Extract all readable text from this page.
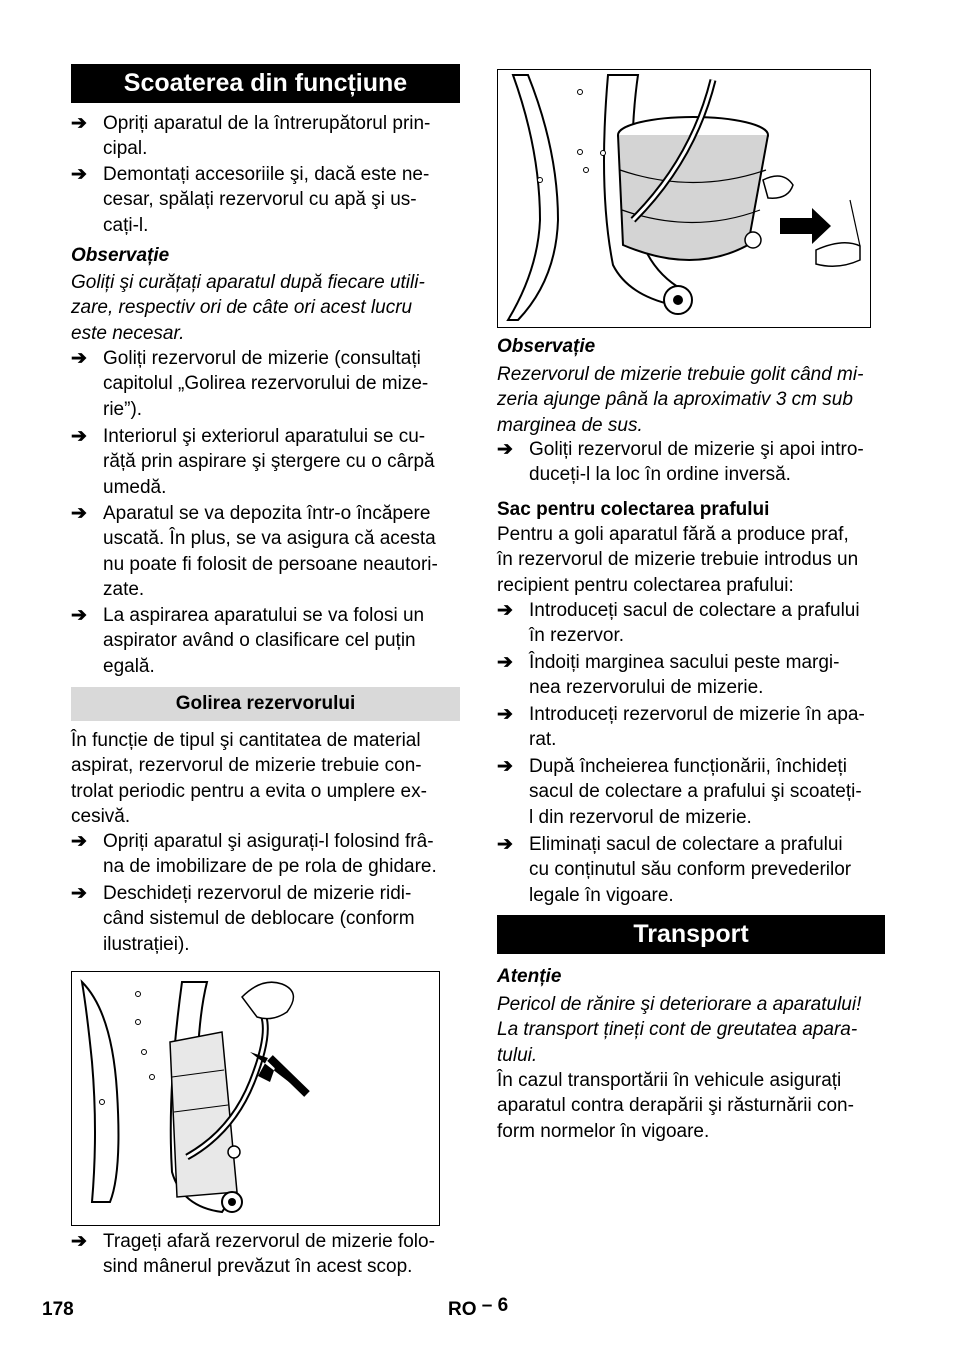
Scoaterea din funcțiune
➔ Opriți aparatul de la întrerupătorul prin-
cipal.
➔ Demontați accesoriile şi, dacă este ne-
cesar, spălați rezervorul cu apă şi us-
cați-l.
Observație
Goliți şi curățați aparatul după fiecare utili-
zare, respectiv ori de câte ori acest lucru
este necesar.
➔ Goliți rezervorul de mizerie (consultați
capitolul „Golirea rezervorului de mize-
rie”).
➔ Interiorul şi exteriorul aparatului se cu-
răță prin aspirare şi ştergere cu o cârpă
umedă.
➔ Aparatul se va depozita într-o încăpere
uscată. În plus, se va asigura că acesta
nu poate fi folosit de persoane neautori-
zate.
➔ La aspirarea aparatului se va folosi un
aspirator având o clasificare cel puțin
egală.
Golirea rezervorului
În funcție de tipul şi cantitatea de material
aspirat, rezervorul de mizerie trebuie con-
trolat periodic pentru a evita o umplere ex-
cesivă.
➔ Opriți aparatul şi asigurați-l folosind frâ-
na de imobilizare de pe rola de ghidare.
➔ Deschideți rezervorul de mizerie ridi-
când sistemul de deblocare (conform
ilustrației).
➔ Trageți afară rezervorul de mizerie folo-
sind mânerul prevăzut în acest scop.
Observație
Rezervorul de mizerie trebuie golit când mi-
zeria ajunge până la aproximativ 3 cm sub
marginea de sus.
➔ Goliți rezervorul de mizerie şi apoi intro-
duceți-l la loc în ordine inversă.
Sac pentru colectarea prafului
Pentru a goli aparatul fără a produce praf,
în rezervorul de mizerie trebuie introdus un
recipient pentru colectarea prafului:
➔ Introduceți sacul de colectare a prafului
în rezervor.
➔ Îndoiți marginea sacului peste margi-
nea rezervorului de mizerie.
➔ Introduceți rezervorul de mizerie în apa-
rat.
➔ După încheierea funcționării, închideți
sacul de colectare a prafului şi scoateți-
l din rezervorul de mizerie.
➔ Eliminați sacul de colectare a prafului
cu conținutul său conform prevederilor
legale în vigoare.
Transport
Atenție
Pericol de rănire şi deteriorare a aparatului!
La transport țineți cont de greutatea apara-
tului.
În cazul transportării în vehicule asigurați
aparatul contra derapării şi răsturnării con-
form normelor în vigoare.
178	RO – 6
